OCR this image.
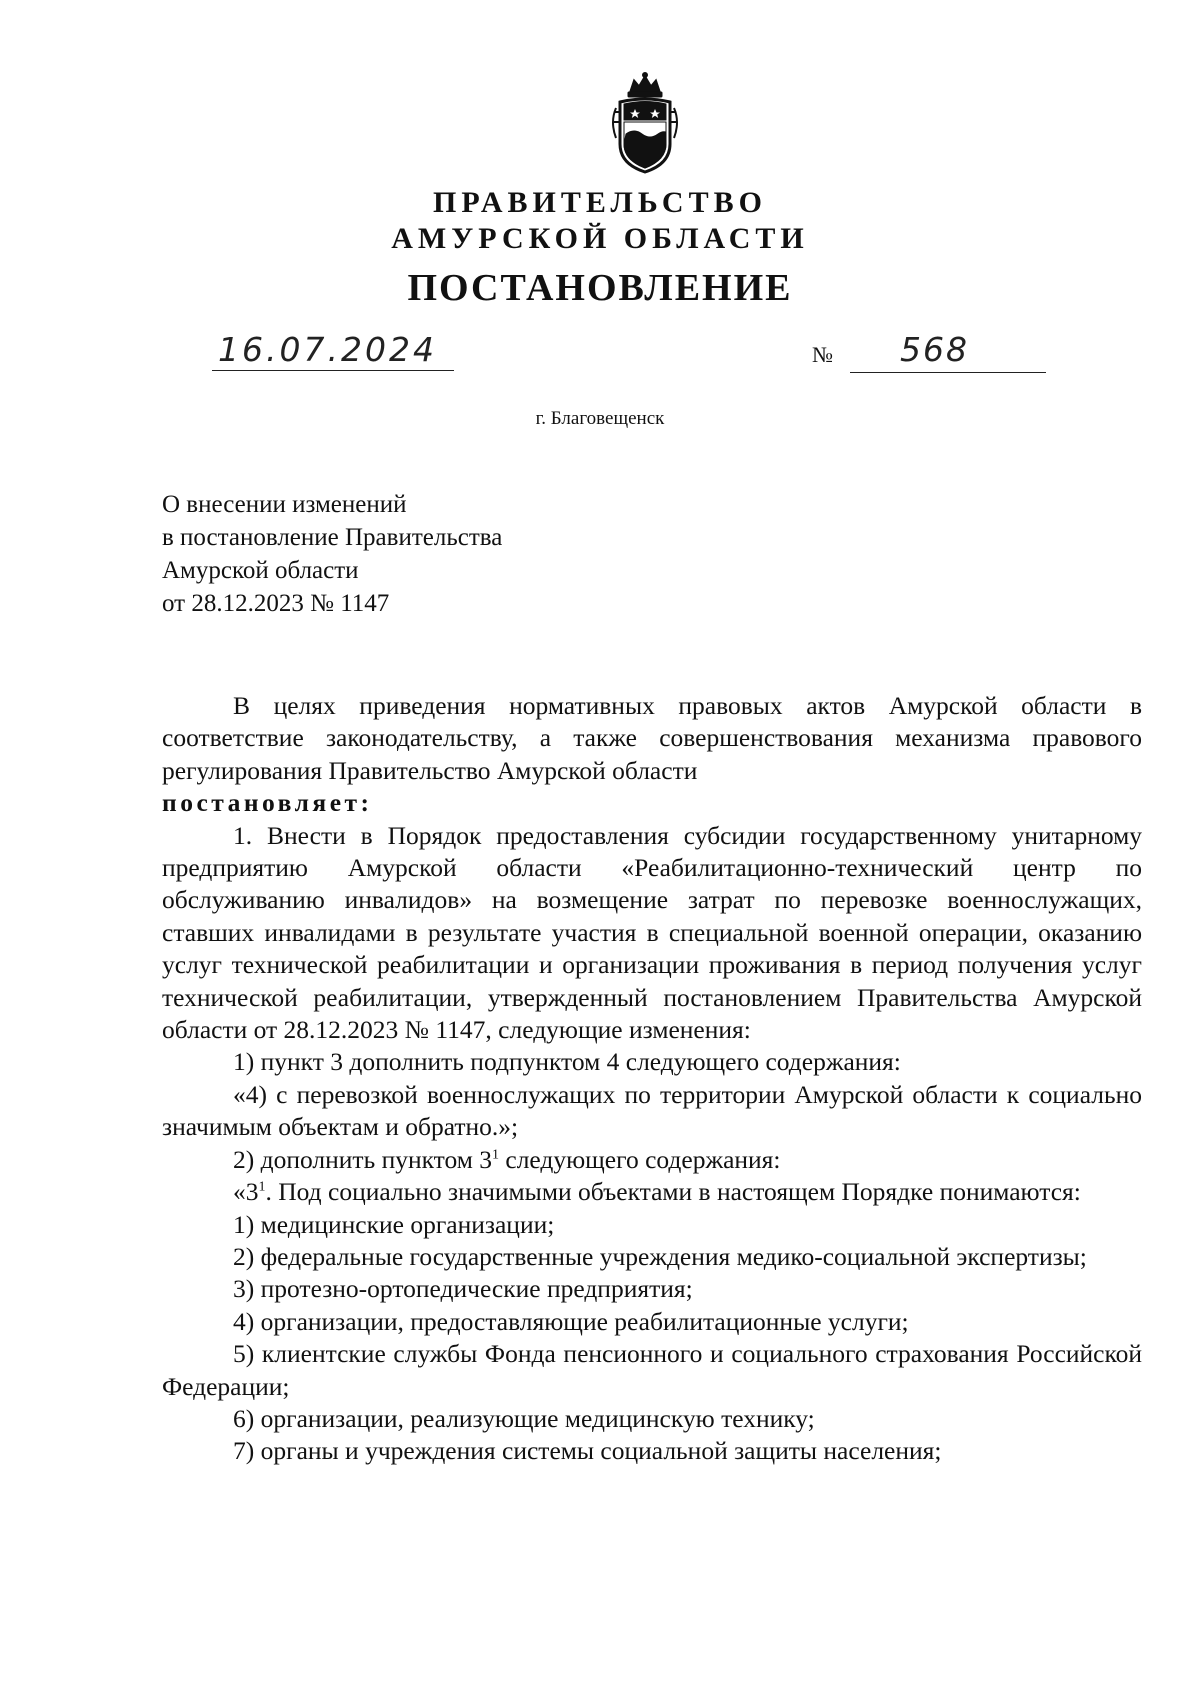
ПРАВИТЕЛЬСТВО
АМУРСКОЙ ОБЛАСТИ
ПОСТАНОВЛЕНИЕ
16.07.2024	№ 568
г. Благовещенск
О внесении изменений
в постановление Правительства
Амурской области
от 28.12.2023 № 1147

В целях приведения нормативных правовых актов Амурской области в соответствие законодательству, а также совершенствования механизма правового регулирования Правительство Амурской области

постановляет:

1. Внести в Порядок предоставления субсидии государственному унитарному предприятию Амурской области «Реабилитационно-технический центр по обслуживанию инвалидов» на возмещение затрат по перевозке военнослужащих, ставших инвалидами в результате участия в специальной военной операции, оказанию услуг технической реабилитации и организации проживания в период получения услуг технической реабилитации, утвержденный постановлением Правительства Амурской области от 28.12.2023 № 1147, следующие изменения:

1) пункт 3 дополнить подпунктом 4 следующего содержания:

«4) с перевозкой военнослужащих по территории Амурской области к социально значимым объектам и обратно.»;

2) дополнить пунктом $3^1$ следующего содержания:

«$3^1$. Под социально значимыми объектами в настоящем Порядке понимаются:

1) медицинские организации;

2) федеральные государственные учреждения медико-социальной экспертизы;

3) протезно-ортопедические предприятия;

4) организации, предоставляющие реабилитационные услуги;

5) клиентские службы Фонда пенсионного и социального страхования Российской Федерации;

6) организации, реализующие медицинскую технику;

7) органы и учреждения системы социальной защиты населения;
